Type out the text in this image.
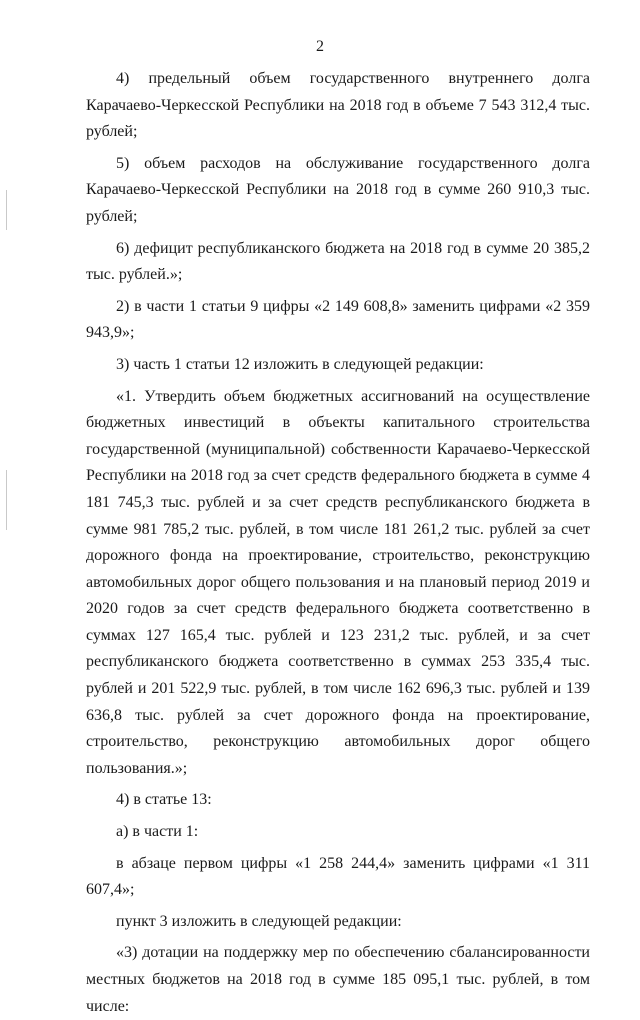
2

4) предельный объем государственного внутреннего долга Карачаево-Черкесской Республики на 2018 год в объеме 7 543 312,4 тыс. рублей;

5) объем расходов на обслуживание государственного долга Карачаево-Черкесской Республики на 2018 год в сумме 260 910,3 тыс. рублей;

6) дефицит республиканского бюджета на 2018 год в сумме 20 385,2 тыс. рублей.»;

2) в части 1 статьи 9 цифры «2 149 608,8» заменить цифрами «2 359 943,9»;

3) часть 1 статьи 12 изложить в следующей редакции:

«1. Утвердить объем бюджетных ассигнований на осуществление бюджетных инвестиций в объекты капитального строительства государственной (муниципальной) собственности Карачаево-Черкесской Республики на 2018 год за счет средств федерального бюджета в сумме 4 181 745,3 тыс. рублей и за счет средств республиканского бюджета в сумме 981 785,2 тыс. рублей, в том числе 181 261,2 тыс. рублей за счет дорожного фонда на проектирование, строительство, реконструкцию автомобильных дорог общего пользования и на плановый период 2019 и 2020 годов за счет средств федерального бюджета соответственно в суммах 127 165,4 тыс. рублей и 123 231,2 тыс. рублей, и за счет республиканского бюджета соответственно в суммах 253 335,4 тыс. рублей и 201 522,9 тыс. рублей, в том числе 162 696,3 тыс. рублей и 139 636,8 тыс. рублей за счет дорожного фонда на проектирование, строительство, реконструкцию автомобильных дорог общего пользования.»;

4) в статье 13:

а) в части 1:

в абзаце первом цифры «1 258 244,4» заменить цифрами «1 311 607,4»;

пункт 3 изложить в следующей редакции:

«3) дотации на поддержку мер по обеспечению сбалансированности местных бюджетов на 2018 год в сумме 185 095,1 тыс. рублей, в том числе:
